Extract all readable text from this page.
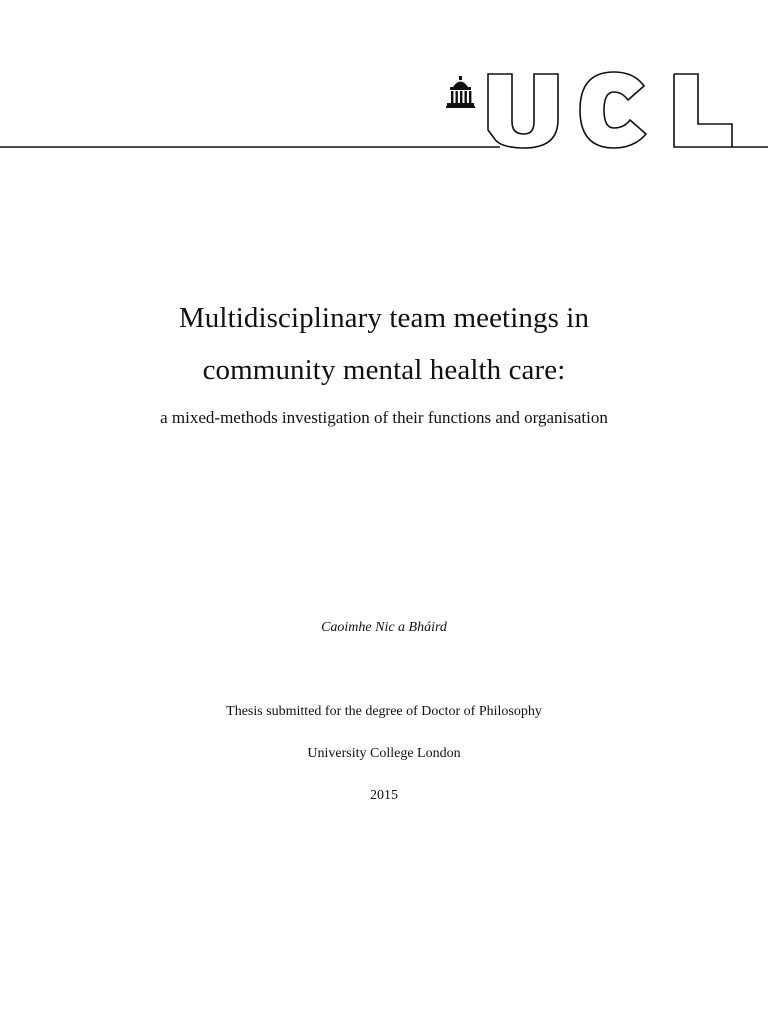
Multidisciplinary team meetings in
community mental health care:
a mixed-methods investigation of their functions and organisation
Caoimhe Nic a Bháird
Thesis submitted for the degree of Doctor of Philosophy
University College London
2015
